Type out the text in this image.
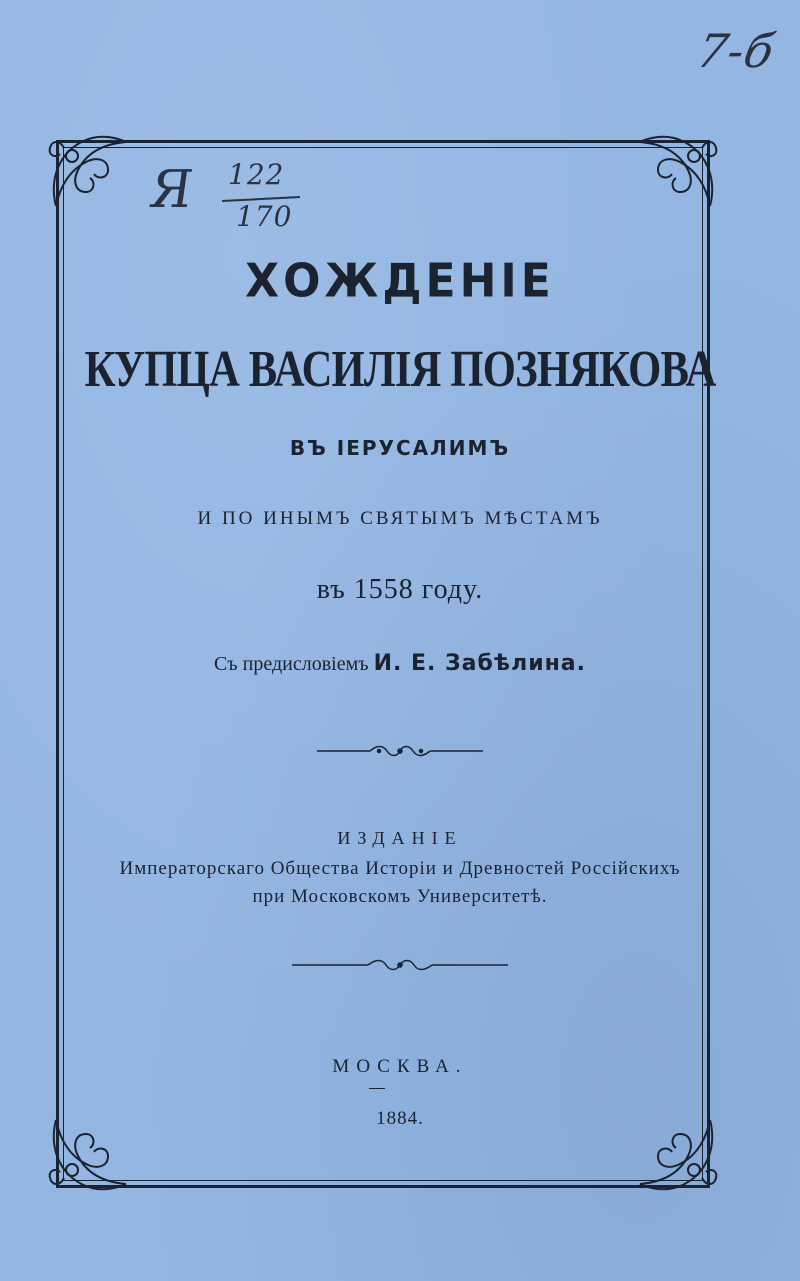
Я 122
170
7-б
ХОЖДЕНIЕ
КУПЦА ВАСИЛIЯ ПОЗНЯКОВА
ВЪ IЕРУСАЛИМЪ
И ПО ИНЫМЪ СВЯТЫМЪ МѢСТАМЪ
въ 1558 году.
Съ предисловiемъ И. Е. Забѣлина.
ИЗДАНIЕ
Императорскаго Общества Исторiи и Древностей Россiйскихъ
при Московскомъ Университетѣ.
МОСКВА.
1884.
